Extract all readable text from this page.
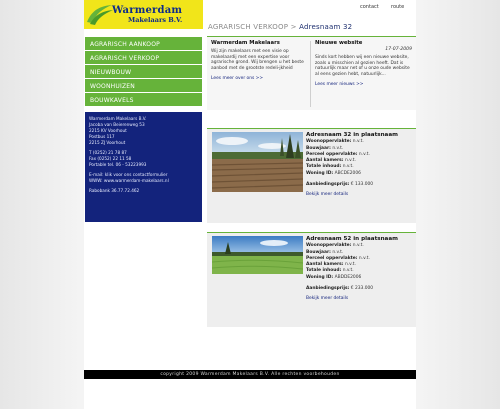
Warmerdam
Makelaars B.V.
contact route
AGRARISCH VERKOOP > Adresnaam 32
AGRARISCH AANKOOP
AGRARISCH VERKOOP
NIEUWBOUW
WOONHUIZEN
BOUWKAVELS
Warmerdam Makelaars B.V.
Jacoba van Beierenweg 53
2215 KV Voorhout
Postbus 117
2215 ZJ Voorhout
T (0252) 21 78 87
Fax (0252) 22 11 58
Portable tel. 06 - 53223993
E-mail: klik voor ons contactformulier
WWW: www.warmerdam-makelaars.nl
Rabobank 36.77.72.462
Warmerdam Makelaars
Wij zijn makelaars met een visie op makelaardij met een expertise voor agrarische grond. Wij brengen u het beste aanbod met de grootste redeli-jkheid
Lees meer over ons >>
17-07-2009
Nieuwe website
Sinds kort hebben wij een nieuwe website, zoals u misschien al gezien heeft. Dat is natuurlijk maar net of u onze oude website al eens gezien hebt, natuurlijk...
Lees meer nieuws >>
Adresnaam 32 in plaatsnaam
Woonoppervlakte: n.v.t.
Bouwjaar: n.v.t.
Perceel oppervlakte: n.v.t.
Aantal kamers: n.v.t.
Totale inhoud: n.v.t.
Woning ID: ABCDE2006
Aanbiedingsprijs: € 133.000
Bekijk meer details
Adresnaam 52 in plaatsnaam
Woonoppervlakte: n.v.t.
Bouwjaar: n.v.t.
Perceel oppervlakte: n.v.t.
Aantal kamers: n.v.t.
Totale inhoud: n.v.t.
Woning ID: ABDDE2006
Aanbiedingsprijs: € 233.000
Bekijk meer details
copyright 2009 Warmerdam Makelaars B.V. Alle rechten voorbehouden
